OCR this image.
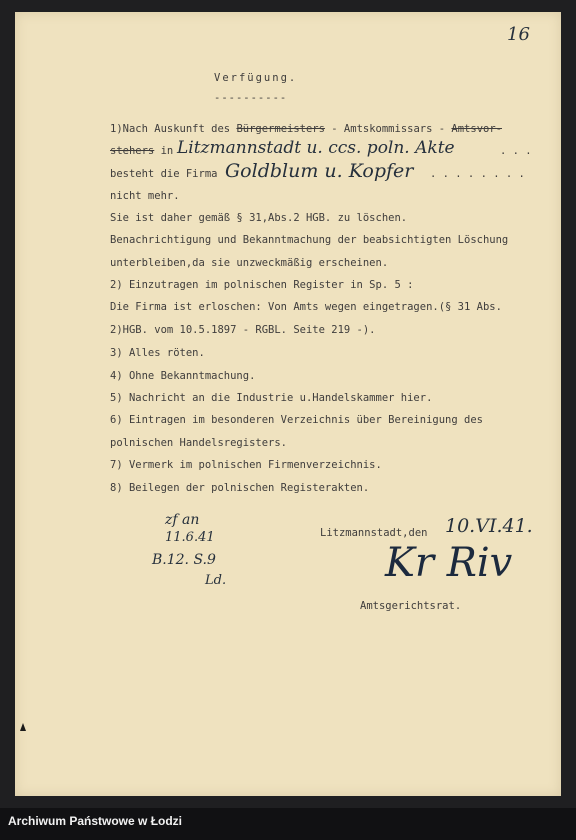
16
Verfügung.
----------
1)Nach Auskunft des Bürgermeisters - Amtskommissars - Amtsvor-
stehers in Litzmannstadt u. ccs. poln. Akte	. . .
besteht die Firma Goldblum u. Kopfer . . . . . . . .
nicht mehr.
Sie ist daher gemäß § 31,Abs.2 HGB. zu löschen.
Benachrichtigung und Bekanntmachung der beabsichtigten Löschung
unterbleiben,da sie unzweckmäßig erscheinen.
2) Einzutragen im polnischen Register in Sp. 5 :
Die Firma ist erloschen: Von Amts wegen eingetragen.(§ 31 Abs.
2)HGB. vom 10.5.1897 - RGBL. Seite 219 -).
3) Alles röten.
4) Ohne Bekanntmachung.
5) Nachricht an die Industrie u.Handelskammer hier.
6) Eintragen im besonderen Verzeichnis über Bereinigung des
polnischen Handelsregisters.
7) Vermerk im polnischen Firmenverzeichnis.
8) Beilegen der polnischen Registerakten.
Litzmannstadt,den 10.VI.41.
Kr Riv
Amtsgerichtsrat.
zf an
11.6.41
B.12. S.9
Ld.
Archiwum Państwowe w Łodzi
